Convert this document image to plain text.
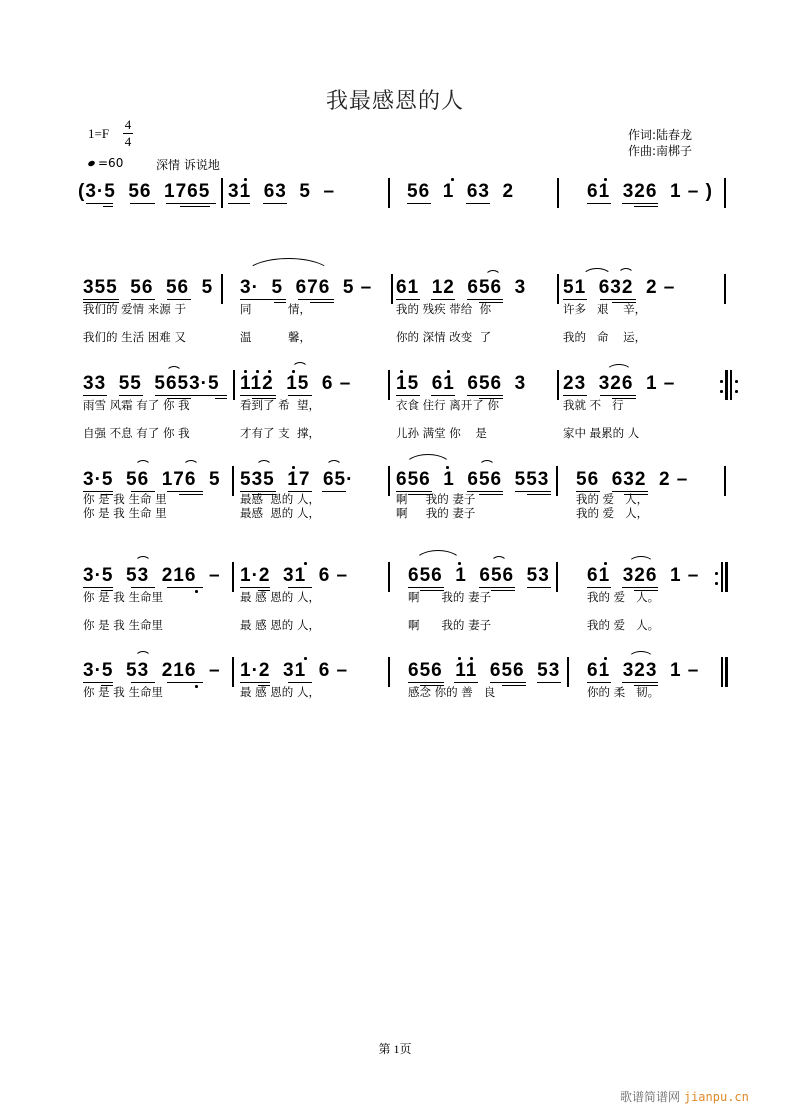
我最感恩的人
1=F
4
4
=60	深情 诉说地
作词:陆春龙
作曲:南梆子
(3·5  56  1765 31  63  5  –	56  1  63  2	61  326  1 – )
355  56  56  5 3·  5  676  5 – 61  12  656  3 51  632  2 –
我们的 爱情 来源 于	同          情，	我的 残疾 带给  你	许多   艰    辛，
我们的 生活 困难 又	温          馨，	你的 深情 改变  了	我的   命    运，
33  55  5653·5 112  15  6 – 15  61  656  3 23  326  1 –
雨雪 风霜 有了 你 我	看到了 希  望，	衣食 住行 离开了 你	我就 不   行
自强 不息 有了 你 我	才有了 支  撑，	儿孙 满堂 你    是	家中 最累的 人
3·5  56  176  5 535  17  65· 656  1  656  553 56  632  2 –
你 是 我 生命 里	最感  恩的 人，	啊     我的 妻子	我的 爱   人，
你 是 我 生命 里	最感  恩的 人，	啊     我的 妻子	我的 爱   人，
3·5  53  216  – 1·2  31  6 –	656  1  656  53 61  326  1 –
你 是 我 生命里	最 感 恩的 人，	啊      我的 妻子	我的 爱   人。
你 是 我 生命里	最 感 恩的 人，	啊      我的 妻子	我的 爱   人。
3·5  53  216  – 1·2  31  6 –	656  11  656  53 61  323  1 –
你 是 我 生命里	最 感 恩的 人，	感念 你的 善   良	你的 柔   韧。
第 1页
歌谱简谱网 jianpu.cn
